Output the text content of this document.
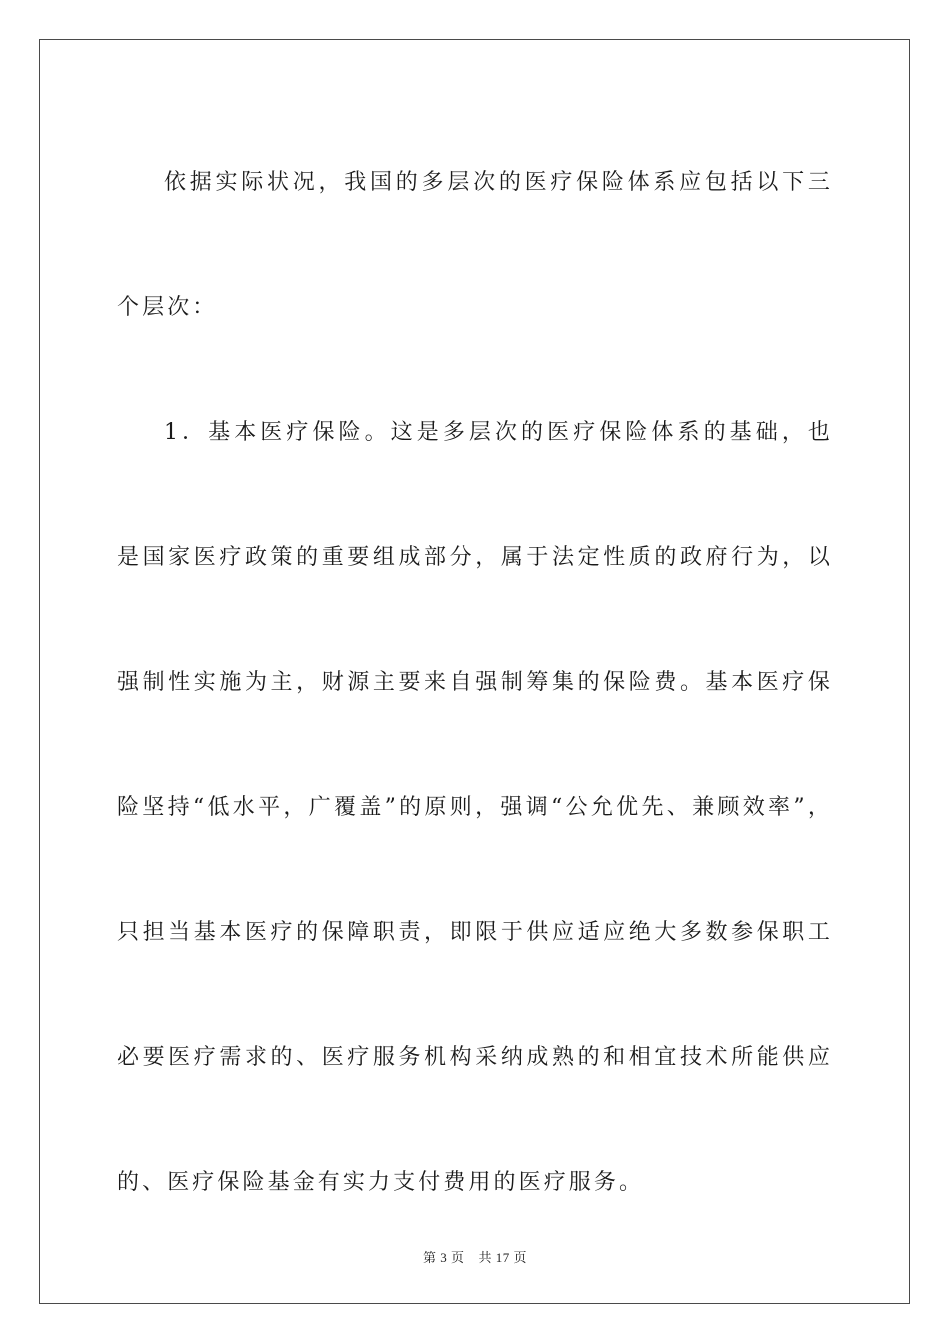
依据实际状况，我国的多层次的医疗保险体系应包括以下三个层次：

1．基本医疗保险。这是多层次的医疗保险体系的基础，也是国家医疗政策的重要组成部分，属于法定性质的政府行为，以强制性实施为主，财源主要来自强制筹集的保险费。基本医疗保险坚持“低水平，广覆盖”的原则，强调“公允优先、兼顾效率”，只担当基本医疗的保障职责，即限于供应适应绝大多数参保职工必要医疗需求的、医疗服务机构采纳成熟的和相宜技术所能供应的、医疗保险基金有实力支付费用的医疗服务。

第 3 页 共 17 页
